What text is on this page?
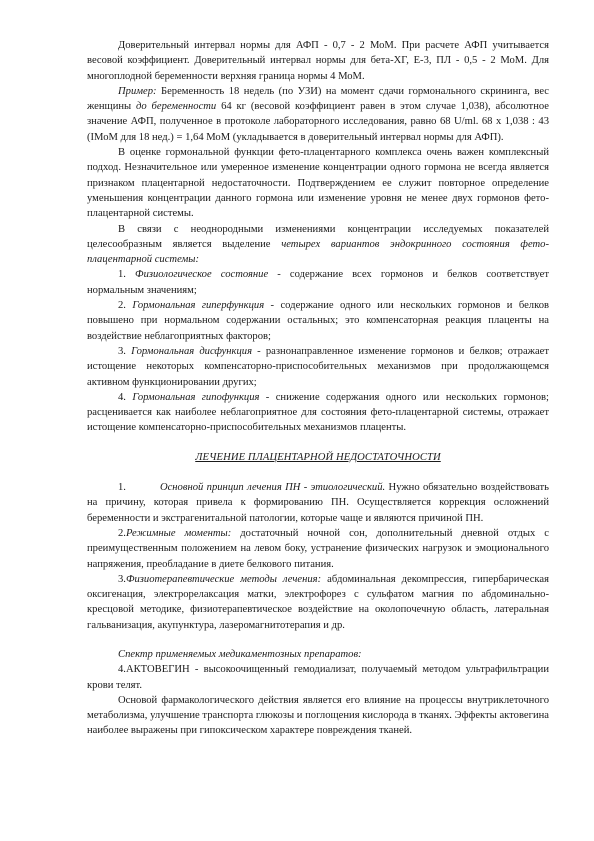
Доверительный интервал нормы для АФП - 0,7 - 2 МоМ. При расчете АФП учитывается весовой коэффициент. Доверительный интервал нормы для бета-ХГ, Е-3, ПЛ - 0,5 - 2 МоМ. Для многоплодной беременности верхняя граница нормы 4 МоМ.

Пример: Беременность 18 недель (по УЗИ) на момент сдачи гормонального скрининга, вес женщины до беременности 64 кг (весовой коэффициент равен в этом случае 1,038), абсолютное значение АФП, полученное в протоколе лабораторного исследования, равно 68 U/ml. 68 x 1,038 : 43 (IМоМ для 18 нед.) = 1,64 МоМ (укладывается в доверительный интервал нормы для АФП).

В оценке гормональной функции фето-плацентарного комплекса очень важен комплексный подход. Незначительное или умеренное изменение концентрации одного гормона не всегда является признаком плацентарной недостаточности. Подтверждением ее служит повторное определение уменьшения концентрации данного гормона или изменение уровня не менее двух гормонов фето-плацентарной системы.

В связи с неоднородными изменениями концентрации исследуемых показателей целесообразным является выделение четырех вариантов эндокринного состояния фето-плацентарной системы:

1. Физиологическое состояние - содержание всех гормонов и белков соответствует нормальным значениям;

2. Гормональная гиперфункция - содержание одного или нескольких гормонов и белков повышено при нормальном содержании остальных; это компенсаторная реакция плаценты на воздействие неблагоприятных факторов;

3. Гормональная дисфункция - разнонаправленное изменение гормонов и белков; отражает истощение некоторых компенсаторно-приспособительных механизмов при продолжающемся активном функционировании других;

4. Гормональная гипофункция - снижение содержания одного или нескольких гормонов; расценивается как наиболее неблагоприятное для состояния фето-плацентарной системы, отражает истощение компенсаторно-приспособительных механизмов плаценты.

ЛЕЧЕНИЕ ПЛАЦЕНТАРНОЙ НЕДОСТАТОЧНОСТИ

1.	Основной принцип лечения ПН - этиологический. Нужно обязательно воздействовать на причину, которая привела к формированию ПН. Осуществляется коррекция осложнений беременности и экстрагенитальной патологии, которые чаще и являются причиной ПН.

2.Режимные моменты: достаточный ночной сон, дополнительный дневной отдых с преимущественным положением на левом боку, устранение физических нагрузок и эмоционального напряжения, преобладание в диете белкового питания.

3.Физиотерапевтические методы лечения: абдоминальная декомпрессия, гипербарическая оксигенация, электрорелаксация матки, электрофорез с сульфатом магния по абдоминально-кресцовой методике, физиотерапевтическое воздействие на околопочечную область, латеральная гальванизация, акупунктура, лазеромагнитотерапия и др.

Спектр применяемых медикаментозных препаратов:

4.АКТОВЕГИН - высокоочищенный гемодиализат, получаемый методом ультрафильтрации крови телят.

Основой фармакологического действия является его влияние на процессы внутриклеточного метаболизма, улучшение транспорта глюкозы и поглощения кислорода в тканях. Эффекты актовегина наиболее выражены при гипоксическом характере повреждения тканей.
